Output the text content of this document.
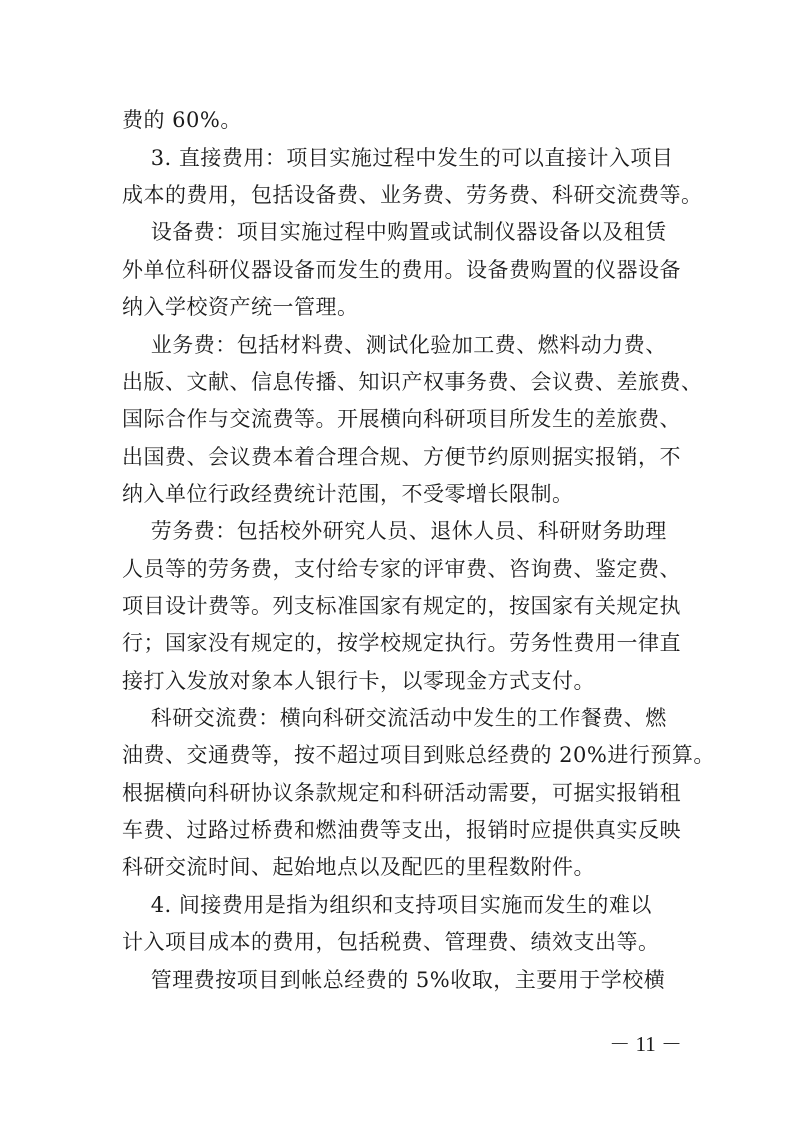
费的 60%。
3. 直接费用：项目实施过程中发生的可以直接计入项目
成本的费用，包括设备费、业务费、劳务费、科研交流费等。
设备费：项目实施过程中购置或试制仪器设备以及租赁
外单位科研仪器设备而发生的费用。设备费购置的仪器设备
纳入学校资产统一管理。
业务费：包括材料费、测试化验加工费、燃料动力费、
出版、文献、信息传播、知识产权事务费、会议费、差旅费、
国际合作与交流费等。开展横向科研项目所发生的差旅费、
出国费、会议费本着合理合规、方便节约原则据实报销，不
纳入单位行政经费统计范围，不受零增长限制。
劳务费：包括校外研究人员、退休人员、科研财务助理
人员等的劳务费，支付给专家的评审费、咨询费、鉴定费、
项目设计费等。列支标准国家有规定的，按国家有关规定执
行；国家没有规定的，按学校规定执行。劳务性费用一律直
接打入发放对象本人银行卡，以零现金方式支付。
科研交流费：横向科研交流活动中发生的工作餐费、燃
油费、交通费等，按不超过项目到账总经费的 20%进行预算。
根据横向科研协议条款规定和科研活动需要，可据实报销租
车费、过路过桥费和燃油费等支出，报销时应提供真实反映
科研交流时间、起始地点以及配匹的里程数附件。
4. 间接费用是指为组织和支持项目实施而发生的难以
计入项目成本的费用，包括税费、管理费、绩效支出等。
管理费按项目到帐总经费的 5%收取，主要用于学校横
－ 11 －
